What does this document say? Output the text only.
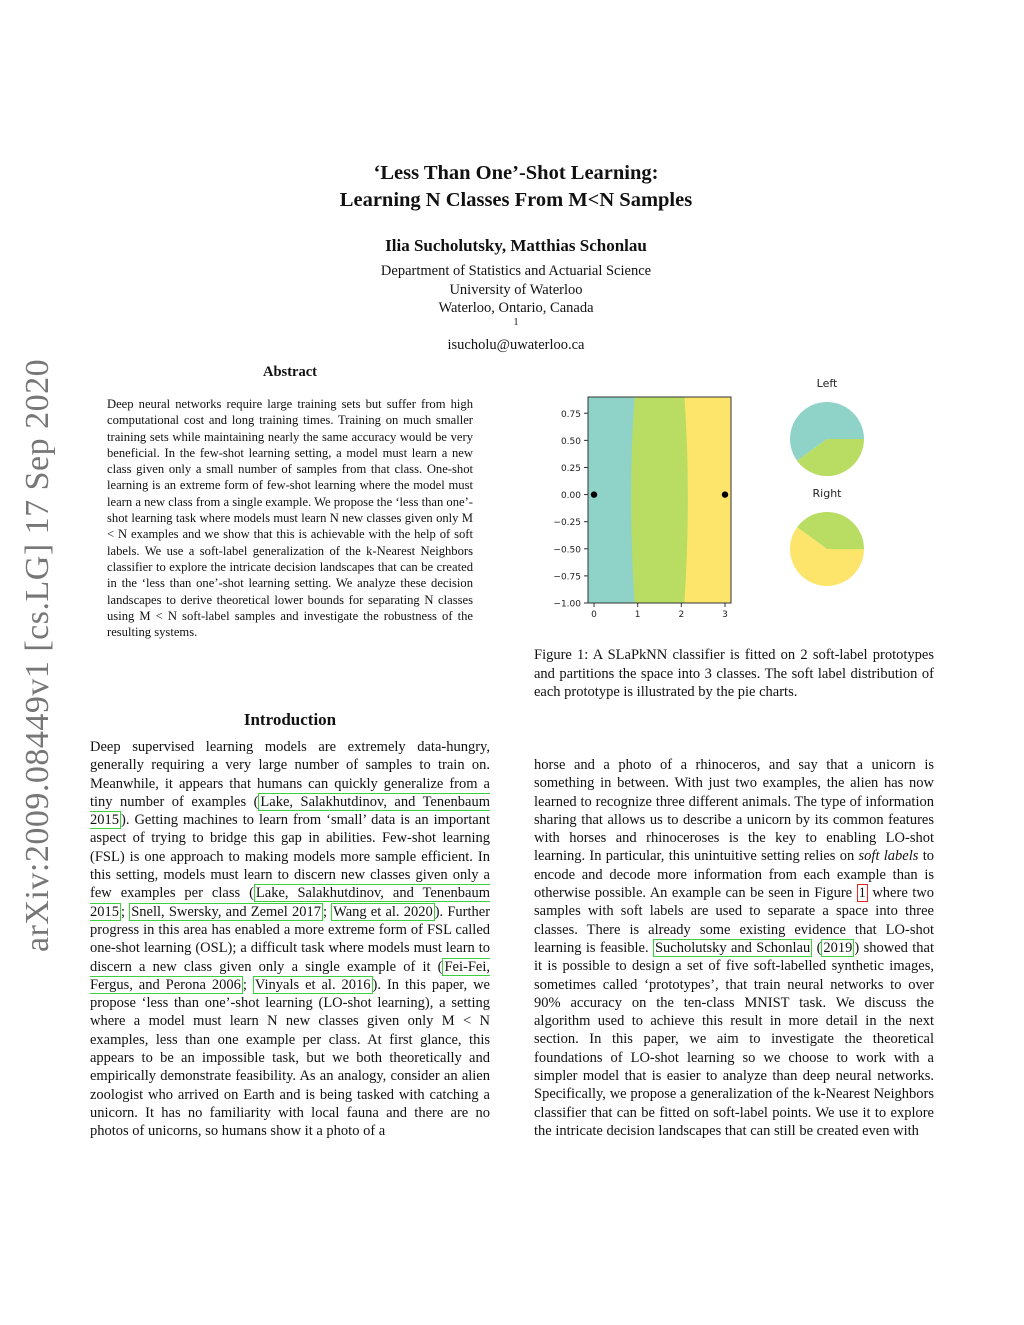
arXiv:2009.08449v1 [cs.LG] 17 Sep 2020
‘Less Than One’-Shot Learning:
Learning N Classes From M<N Samples
Ilia Sucholutsky, Matthias Schonlau
Department of Statistics and Actuarial Science
University of Waterloo
Waterloo, Ontario, Canada
$^1$
isucholu@uwaterloo.ca
Abstract
Deep neural networks require large training sets but suffer from high computational cost and long training times. Training on much smaller training sets while maintaining nearly the same accuracy would be very beneficial. In the few-shot learning setting, a model must learn a new class given only a small number of samples from that class. One-shot learning is an extreme form of few-shot learning where the model must learn a new class from a single example. We propose the ‘less than one’-shot learning task where models must learn N new classes given only M < N examples and we show that this is achievable with the help of soft labels. We use a soft-label generalization of the k-Nearest Neighbors classifier to explore the intricate decision landscapes that can be created in the ‘less than one’-shot learning setting. We analyze these decision landscapes to derive theoretical lower bounds for separating N classes using M < N soft-label samples and investigate the robustness of the resulting systems.
Introduction
Deep supervised learning models are extremely data-hungry, generally requiring a very large number of samples to train on. Meanwhile, it appears that humans can quickly generalize from a tiny number of examples ( Lake, Salakhutdinov, and Tenenbaum 2015 ). Getting machines to learn from ‘small’ data is an important aspect of trying to bridge this gap in abilities. Few-shot learning (FSL) is one approach to making models more sample efficient. In this setting, models must learn to discern new classes given only a few examples per class ( Lake, Salakhutdinov, and Tenenbaum 2015 ; Snell, Swersky, and Zemel 2017 ; Wang et al. 2020 ). Further progress in this area has enabled a more extreme form of FSL called one-shot learning (OSL); a difficult task where models must learn to discern a new class given only a single example of it ( Fei-Fei, Fergus, and Perona 2006 ; Vinyals et al. 2016 ). In this paper, we propose ‘less than one’-shot learning (LO-shot learning), a setting where a model must learn N new classes given only M < N examples, less than one example per class. At first glance, this appears to be an impossible task, but we both theoretically and empirically demonstrate feasibility. As an analogy, consider an alien zoologist who arrived on Earth and is being tasked with catching a unicorn. It has no familiarity with local fauna and there are no photos of unicorns, so humans show it a photo of a
0.75
0.50
0.25
0.00
−0.25
−0.50
−0.75
−1.00
0	1	2	3
Left
Right
Figure 1: A SLaPkNN classifier is fitted on 2 soft-label prototypes and partitions the space into 3 classes. The soft label distribution of each prototype is illustrated by the pie charts.
horse and a photo of a rhinoceros, and say that a unicorn is something in between. With just two examples, the alien has now learned to recognize three different animals. The type of information sharing that allows us to describe a unicorn by its common features with horses and rhinoceroses is the key to enabling LO-shot learning. In particular, this unintuitive setting relies on soft labels to encode and decode more information from each example than is otherwise possible. An example can be seen in Figure 1 where two samples with soft labels are used to separate a space into three classes. There is already some existing evidence that LO-shot learning is feasible. Sucholutsky and Schonlau ( 2019 ) showed that it is possible to design a set of five soft-labelled synthetic images, sometimes called ‘prototypes’, that train neural networks to over 90% accuracy on the ten-class MNIST task. We discuss the algorithm used to achieve this result in more detail in the next section. In this paper, we aim to investigate the theoretical foundations of LO-shot learning so we choose to work with a simpler model that is easier to analyze than deep neural networks. Specifically, we propose a generalization of the k-Nearest Neighbors classifier that can be fitted on soft-label points. We use it to explore the intricate decision landscapes that can still be created even with
